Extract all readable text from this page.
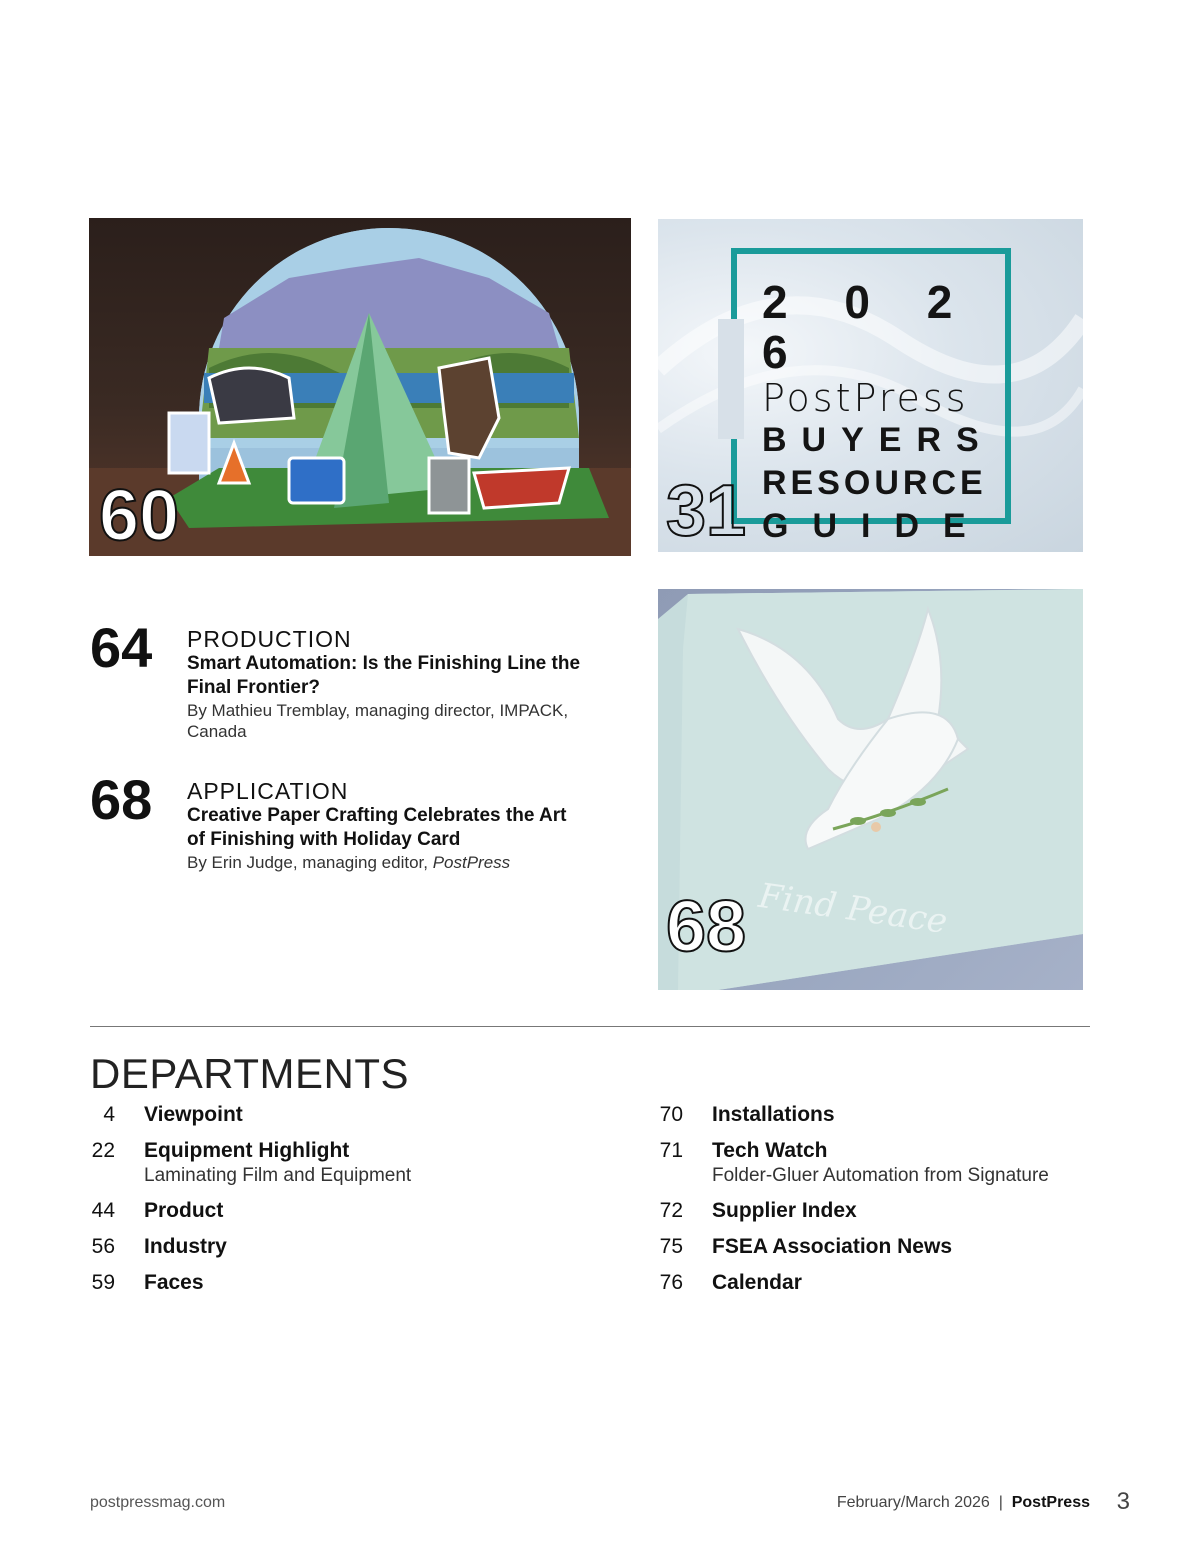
60
2 0 2 6
PostPress
BUYERS
RESOURCE
GUIDE
31
Find Peace
68
64 PRODUCTION
Smart Automation: Is the Finishing Line the Final Frontier?
By Mathieu Tremblay, managing director, IMPACK, Canada
68 APPLICATION
Creative Paper Crafting Celebrates the Art of Finishing with Holiday Card
By Erin Judge, managing editor, PostPress
DEPARTMENTS
4 Viewpoint
22 Equipment Highlight
Laminating Film and Equipment
44 Product
56 Industry
59 Faces
70 Installations
71 Tech Watch
Folder-Gluer Automation from Signature
72 Supplier Index
75 FSEA Association News
76 Calendar
postpressmag.com	February/March 2026 | PostPress 3
